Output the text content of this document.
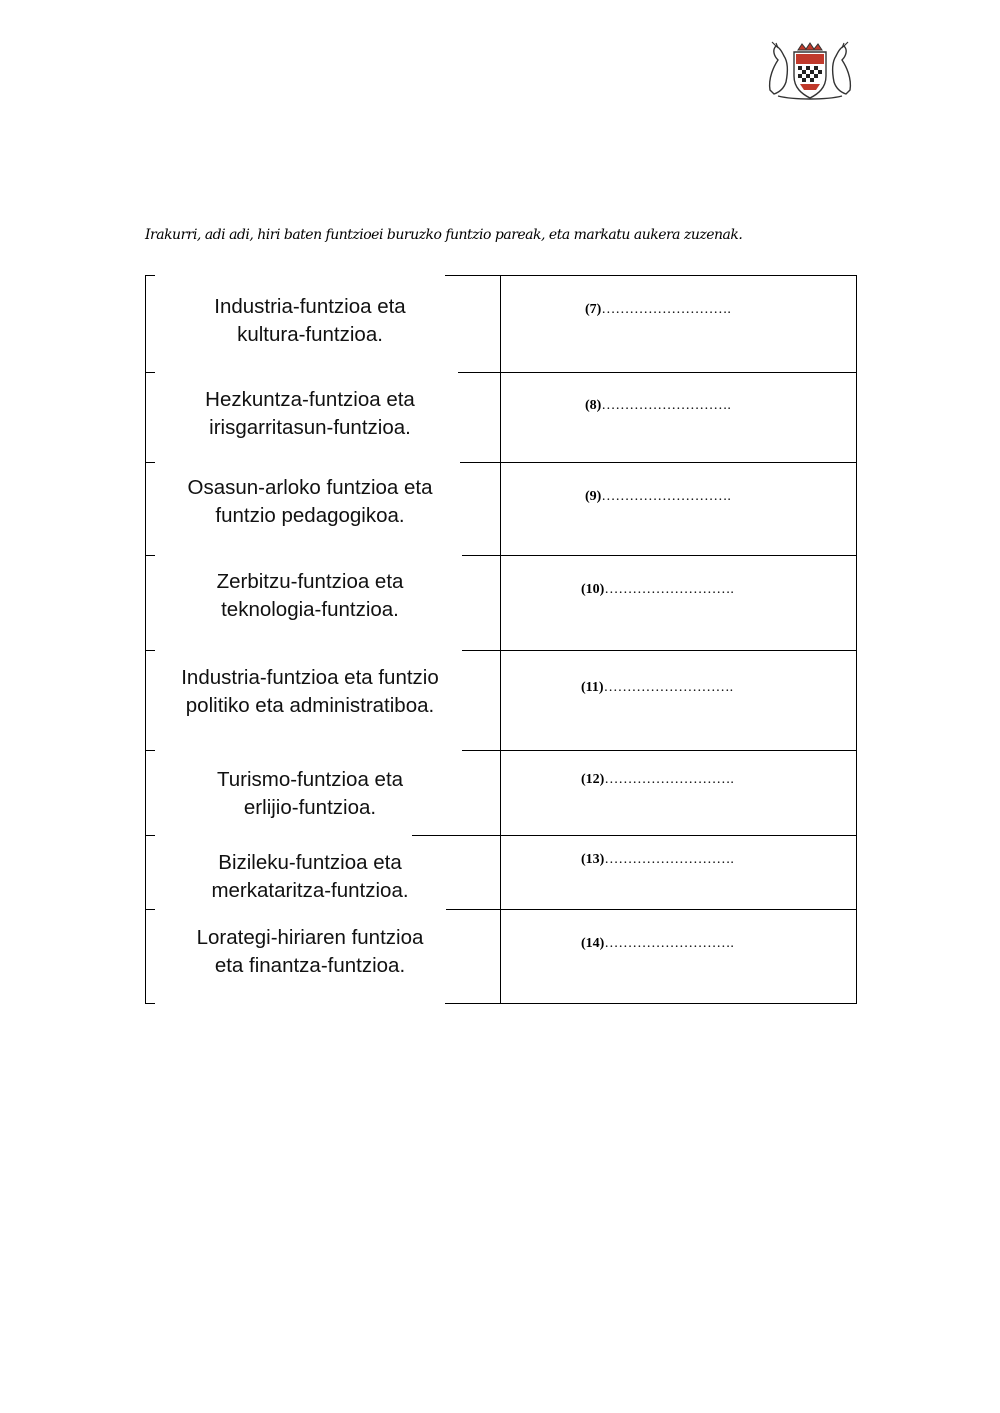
Irakurri, adi adi, hiri baten funtzioei buruzko funtzio pareak, eta markatu aukera zuzenak.
Industria-funtzioa eta
kultura-funtzioa.
(7)……………………….
Hezkuntza-funtzioa eta
irisgarritasun-funtzioa.
(8)……………………….
Osasun-arloko funtzioa eta
funtzio pedagogikoa.
(9)……………………….
Zerbitzu-funtzioa eta
teknologia-funtzioa.
(10)……………………….
Industria-funtzioa eta funtzio
politiko eta administratiboa.
(11)……………………….
Turismo-funtzioa eta
erlijio-funtzioa.
(12)……………………….
Bizileku-funtzioa eta
merkataritza-funtzioa.
(13)……………………….
Lorategi-hiriaren funtzioa
eta finantza-funtzioa.
(14)……………………….
